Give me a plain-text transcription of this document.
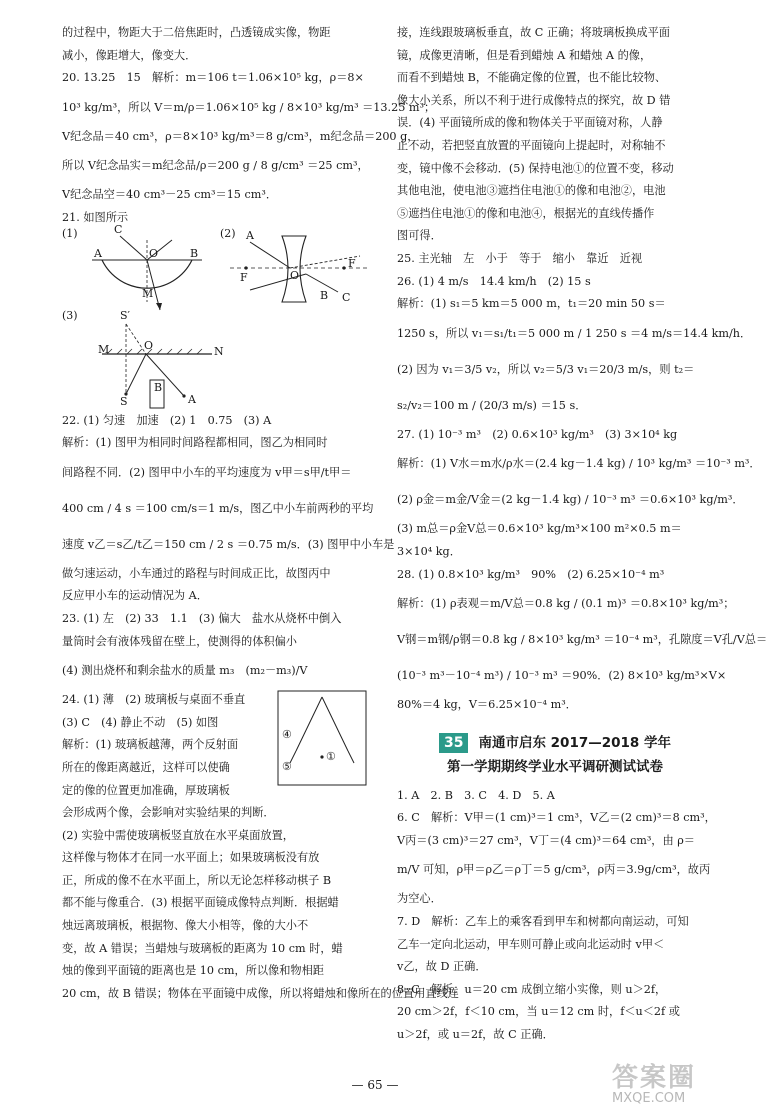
的过程中，物距大于二倍焦距时，凸透镜成实像，物距
减小，像距增大，像变大．
20. 13.25　15　解析：m＝106 t＝1.06×10⁵ kg，ρ＝8×
10³ kg/m³，所以 V＝m/ρ＝1.06×10⁵ kg / 8×10³ kg/m³ ＝13.25 m³；
V纪念品＝40 cm³，ρ＝8×10³ kg/m³＝8 g/cm³，m纪念品＝200 g，
所以 V纪念品实＝m纪念品/ρ＝200 g / 8 g/cm³ ＝25 cm³，
V纪念品空＝40 cm³－25 cm³＝15 cm³．
21. 如图所示
(1)	C
O
A	B
M
(2) A
F	O
F
B C
(3)	S′
M	O	N
S
B
A
22. (1) 匀速　加速　(2) 1　0.75　(3) A
解析：(1) 图甲为相同时间路程都相同，图乙为相同时
间路程不同．(2) 图甲中小车的平均速度为 v甲＝s甲/t甲＝
400 cm / 4 s ＝100 cm/s＝1 m/s，图乙中小车前两秒的平均
速度 v乙＝s乙/t乙＝150 cm / 2 s ＝0.75 m/s．(3) 图甲中小车是
做匀速运动，小车通过的路程与时间成正比，故图丙中
反应甲小车的运动情况为 A．
23. (1) 左　(2) 33　1.1　(3) 偏大　盐水从烧杯中倒入
量筒时会有液体残留在壁上，使测得的体积偏小
(4) 测出烧杯和剩余盐水的质量 m₃　(m₂－m₃)/V
④
⑤
①
24. (1) 薄　(2) 玻璃板与桌面不垂直
(3) C　(4) 静止不动　(5) 如图
解析：(1) 玻璃板越薄，两个反射面
所在的像距离越近，这样可以使确
定的像的位置更加准确，厚玻璃板
会形成两个像，会影响对实验结果的判断．
(2) 实验中需使玻璃板竖直放在水平桌面放置，
这样像与物体才在同一水平面上；如果玻璃板没有放
正，所成的像不在水平面上，所以无论怎样移动棋子 B
都不能与像重合．(3) 根据平面镜成像特点判断．根据蜡
烛远离玻璃板，根据物、像大小相等，像的大小不
变，故 A 错误；当蜡烛与玻璃板的距离为 10 cm 时，蜡
烛的像到平面镜的距离也是 10 cm，所以像和物相距
20 cm，故 B 错误；物体在平面镜中成像，所以将蜡烛和像所在的位置用直线连
接，连线跟玻璃板垂直，故 C 正确；将玻璃板换成平面
镜，成像更清晰，但是看到蜡烛 A 和蜡烛 A 的像，
而看不到蜡烛 B，不能确定像的位置，也不能比较物、
像大小关系，所以不利于进行成像特点的探究，故 D 错
误．(4) 平面镜所成的像和物体关于平面镜对称，人静
止不动，若把竖直放置的平面镜向上提起时，对称轴不
变，镜中像不会移动．(5) 保持电池①的位置不变，移动
其他电池，使电池③遮挡住电池①的像和电池②，电池
⑤遮挡住电池①的像和电池④，根据光的直线传播作
图可得．
25. 主光轴　左　小于　等于　缩小　靠近　近视
26. (1) 4 m/s　14.4 km/h　(2) 15 s
解析：(1) s₁＝5 km＝5 000 m，t₁＝20 min 50 s＝
1250 s，所以 v₁＝s₁/t₁＝5 000 m / 1 250 s ＝4 m/s＝14.4 km/h．
(2) 因为 v₁＝3/5 v₂，所以 v₂＝5/3 v₁＝20/3 m/s，则 t₂＝
s₂/v₂＝100 m / (20/3 m/s) ＝15 s．
27. (1) 10⁻³ m³　(2) 0.6×10³ kg/m³　(3) 3×10⁴ kg
解析：(1) V水＝m水/ρ水＝(2.4 kg－1.4 kg) / 10³ kg/m³ ＝10⁻³ m³．
(2) ρ金＝m金/V金＝(2 kg－1.4 kg) / 10⁻³ m³ ＝0.6×10³ kg/m³．
(3) m总＝ρ金V总＝0.6×10³ kg/m³×100 m²×0.5 m＝
3×10⁴ kg．
28. (1) 0.8×10³ kg/m³　90%　(2) 6.25×10⁻⁴ m³
解析：(1) ρ表观＝m/V总＝0.8 kg / (0.1 m)³ ＝0.8×10³ kg/m³；
V钢＝m钢/ρ钢＝0.8 kg / 8×10³ kg/m³ ＝10⁻⁴ m³，孔隙度＝V孔/V总＝
(10⁻³ m³－10⁻⁴ m³) / 10⁻³ m³ ＝90%．(2) 8×10³ kg/m³×V×
80%＝4 kg，V＝6.25×10⁻⁴ m³．
35 南通市启东 2017—2018 学年
第一学期期终学业水平调研测试试卷
1. A　2. B　3. C　4. D　5. A
6. C　解析：V甲＝(1 cm)³＝1 cm³，V乙＝(2 cm)³＝8 cm³，
V丙＝(3 cm)³＝27 cm³，V丁＝(4 cm)³＝64 cm³，由 ρ＝
m/V 可知，ρ甲＝ρ乙＝ρ丁＝5 g/cm³，ρ丙＝3.9g/cm³，故丙
为空心．
7. D　解析：乙车上的乘客看到甲车和树都向南运动，可知
乙车一定向北运动，甲车则可静止或向北运动时 v甲＜
v乙，故 D 正确．
8. C　解析：u＝20 cm 成倒立缩小实像，则 u＞2f，
20 cm＞2f，f＜10 cm，当 u＝12 cm 时，f＜u＜2f 或
u＞2f，或 u＝2f，故 C 正确．
— 65 —	答案圈
MXQE.COM
